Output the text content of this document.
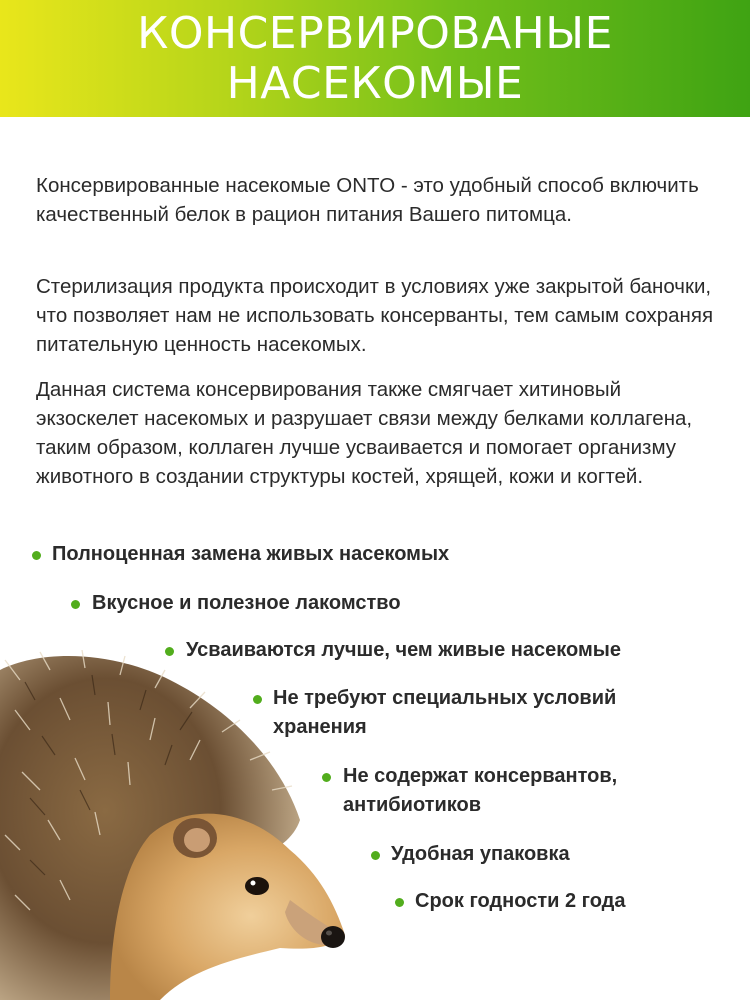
КОНСЕРВИРОВАНЫЕ
НАСЕКОМЫЕ

Консервированные насекомые ONTO - это удобный способ включить качественный белок в рацион питания Вашего питомца.

Стерилизация продукта происходит в условиях уже закрытой баночки, что позволяет нам не использовать консерванты, тем самым сохраняя питательную ценность насекомых.

Данная система консервирования также смягчает хитиновый экзоскелет насекомых и разрушает связи между белками коллагена, таким образом, коллаген лучше усваивается и помогает организму животного в создании структуры костей, хрящей, кожи и когтей.

Полноценная замена живых насекомых
Вкусное и полезное лакомство
Усваиваются лучше, чем живые насекомые
Не требуют специальных условий хранения
Не содержат консервантов, антибиотиков
Удобная упаковка
Срок годности 2 года
